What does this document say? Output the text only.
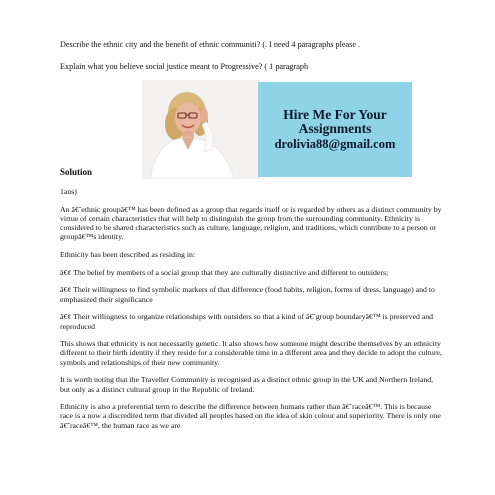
Describe the ethnic city and the benefit of ethnic communiti? (. I need 4 paragraphs please .
Explain what you believe social justice meant to Progressive? ( 1 paragraph
Hire Me For Your
Assignments
drolivia88@gmail.com
Solution

1ans)

An â€˜ethnic groupâ€™ has been defined as a group that regards itself or is regarded by others as a distinct community by virtue of certain characteristics that will help to distinguish the group from the surrounding community. Ethnicity is considered to be shared characteristics such as culture, language, religion, and traditions, which contribute to a person or groupâ€™s identity.

Ethnicity has been described as residing in:

â€¢ The belief by members of a social group that they are culturally distinctive and different to outsiders;

â€¢ Their willingness to find symbolic markers of that difference (food habits, religion, forms of dress, language) and to emphasized their significance

â€¢ Their willingness to organize relationships with outsiders so that a kind of â€˜group boundaryâ€™ is preserved and reproduced

This shows that ethnicity is not necessarily genetic. It also shows how someone might describe themselves by an ethnicity different to their birth identity if they reside for a considerable time in a different area and they decide to adopt the culture, symbols and relationships of their new community.

It is worth noting that the Traveller Community is recognised as a distinct ethnic group in the UK and Northern Ireland, but only as a distinct cultural group in the Republic of Ireland.

Ethnicity is also a preferential term to describe the difference between humans rather than â€˜raceâ€™. This is because race is a now a discredited term that divided all peoples based on the idea of skin colour and superiority. There is only one â€˜raceâ€™, the human race as we are
